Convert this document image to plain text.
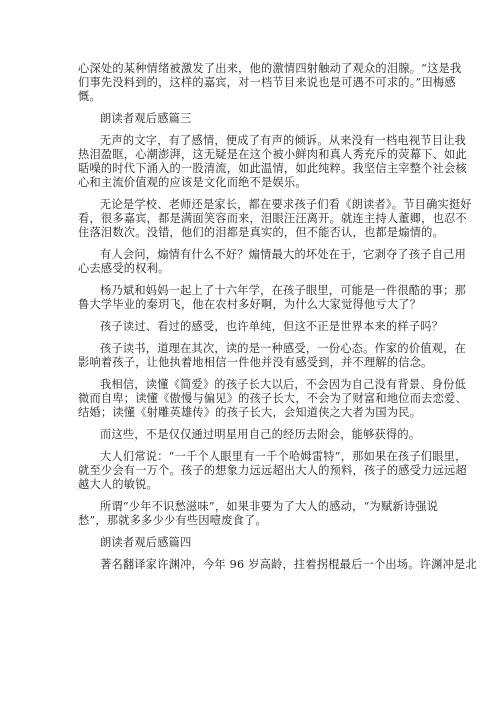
心深处的某种情绪被激发了出来，他的激情四射触动了观众的泪腺。“这是我
们事先没料到的，这样的嘉宾，对一档节目来说也是可遇不可求的。”田梅感
慨。
朗读者观后感篇三
无声的文字，有了感情，便成了有声的倾诉。从来没有一档电视节目让我
热泪盈眶，心潮澎湃，这无疑是在这个被小鲜肉和真人秀充斥的荧幕下、如此
聒噪的时代下涌入的一股清流，如此温情，如此纯粹。我坚信主宰整个社会核
心和主流价值观的应该是文化而绝不是娱乐。
无论是学校、老师还是家长，都在要求孩子们看《朗读者》。节目确实挺好
看，很多嘉宾，都是满面笑容而来，泪眼汪汪离开。就连主持人董卿，也忍不
住落泪数次。没错，他们的泪都是真实的，但不能否认，也都是煽情的。
有人会问，煽情有什么不好？煽情最大的坏处在于，它剥夺了孩子自己用
心去感受的权利。
杨乃斌和妈妈一起上了十六年学，在孩子眼里，可能是一件很酷的事；那
鲁大学毕业的秦玥飞，他在农村多好啊，为什么大家觉得他亏大了？
孩子读过、看过的感受，也许单纯，但这不正是世界本来的样子吗？
孩子读书，道理在其次，读的是一种感受，一份心态。作家的价值观，在
影响着孩子，让他执着地相信一件他并没有感受到，并不理解的信念。
我相信，读懂《简爱》的孩子长大以后，不会因为自己没有背景、身份低
微而自卑；读懂《傲慢与偏见》的孩子长大，不会为了财富和地位而去恋爱、
结婚；读懂《射雕英雄传》的孩子长大，会知道侠之大者为国为民。
而这些，不是仅仅通过明星用自己的经历去附会，能够获得的。
大人们常说：“一千个人眼里有一千个哈姆雷特”，那如果在孩子们眼里，
就至少会有一万个。孩子的想象力远远超出大人的预料，孩子的感受力远远超
越大人的敏锐。
所谓“少年不识愁滋味”，如果非要为了大人的感动，“为赋新诗强说
愁”，那就多多少少有些因噎废食了。
朗读者观后感篇四
著名翻译家许渊冲，今年 96 岁高龄，拄着拐棍最后一个出场。许渊冲是北
